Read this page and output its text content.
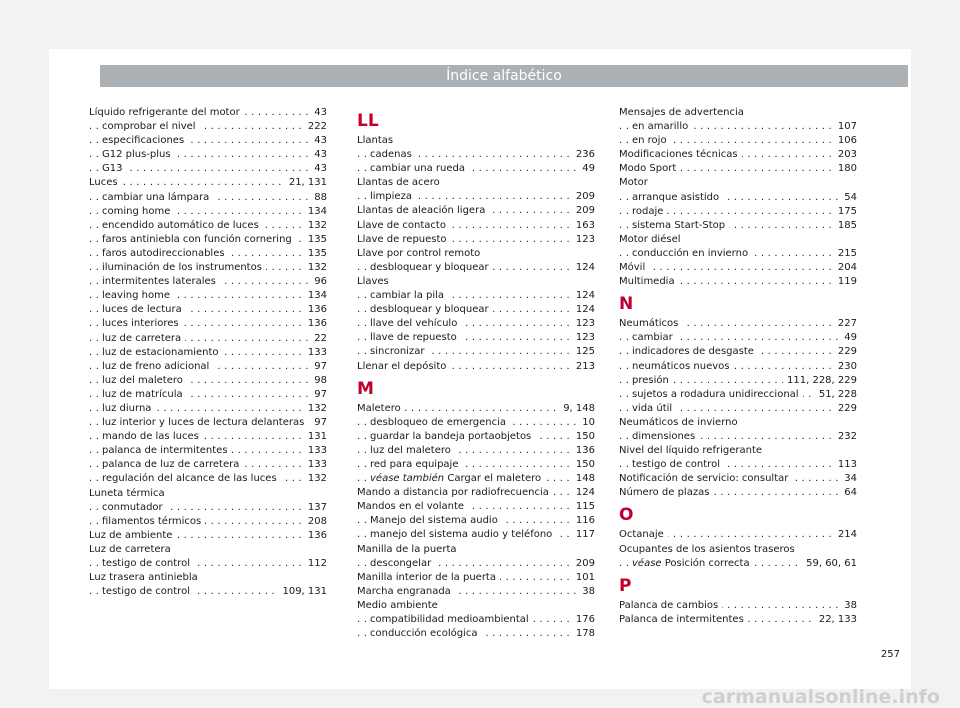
Índice alfabético
. . . Líquido refrigerante del motor	43
. . . comprobar el nivel	222
. . . especificaciones	43
. . . G12 plus-plus	43
. . . G13	43
. . . Luces	21, 131
. . . cambiar una lámpara	88
. . . coming home	134
. . . encendido automático de luces	132
. . . faros antiniebla con función cornering	135
. . . faros autodireccionables	135
. . . iluminación de los instrumentos	132
. . . intermitentes laterales	96
. . . leaving home	134
. . . luces de lectura	136
. . . luces interiores	136
. . . luz de carretera	22
. . . luz de estacionamiento	133
. . . luz de freno adicional	97
. . . luz del maletero	98
. . . luz de matrícula	97
. . . luz diurna	132
. . . luz interior y luces de lectura delanteras 97
. . . mando de las luces	131
. . . palanca de intermitentes	133
. . . palanca de luz de carretera	133
. . . regulación del alcance de las luces	132
Luneta térmica
. . . conmutador	137
. . . filamentos térmicos	208
. . . Luz de ambiente	136
Luz de carretera
. . . testigo de control	112
Luz trasera antiniebla
. . . testigo de control	109, 131
LL
Llantas
. . . cadenas	236
. . . cambiar una rueda	49
Llantas de acero
. . . limpieza	209
. . . Llantas de aleación ligera	209
. . . Llave de contacto	163
. . . Llave de repuesto	123
Llave por control remoto
. . . desbloquear y bloquear	124
Llaves
. . . cambiar la pila	124
. . . desbloquear y bloquear	124
. . . llave del vehículo	123
. . . llave de repuesto	123
. . . sincronizar	125
. . . Llenar el depósito	213
M
. . . Maletero	9, 148
. . . desbloqueo de emergencia	10
. . . guardar la bandeja portaobjetos	150
. . . luz del maletero	136
. . . red para equipaje	150
. . . véase también Cargar el maletero	148
. . . Mando a distancia por radiofrecuencia	124
. . . Mandos en el volante	115
. . . Manejo del sistema audio	116
. . . manejo del sistema audio y teléfono	117
Manilla de la puerta
. . . descongelar	209
. . . Manilla interior de la puerta	101
. . . Marcha engranada	38
Medio ambiente
. . . compatibilidad medioambiental	176
. . . conducción ecológica	178
Mensajes de advertencia
. . . en amarillo	107
. . . en rojo	106
. . . Modificaciones técnicas	203
. . . Modo Sport	180
Motor
. . . arranque asistido	54
. . . rodaje	175
. . . sistema Start-Stop	185
Motor diésel
. . . conducción en invierno	215
. . . Móvil	204
. . . Multimedia	119
N
. . . Neumáticos	227
. . . cambiar	49
. . . indicadores de desgaste	229
. . . neumáticos nuevos	230
. . . presión	111, 228, 229
. . . sujetos a rodadura unidireccional	51, 228
. . . vida útil	229
Neumáticos de invierno
. . . dimensiones	232
Nivel del líquido refrigerante
. . . testigo de control	113
. . . Notificación de servicio: consultar	34
. . . Número de plazas	64
O
. . . Octanaje	214
Ocupantes de los asientos traseros
. . . véase Posición correcta	59, 60, 61
P
. . . Palanca de cambios	38
. . . Palanca de intermitentes	22, 133
257
carmanualsonline.info
